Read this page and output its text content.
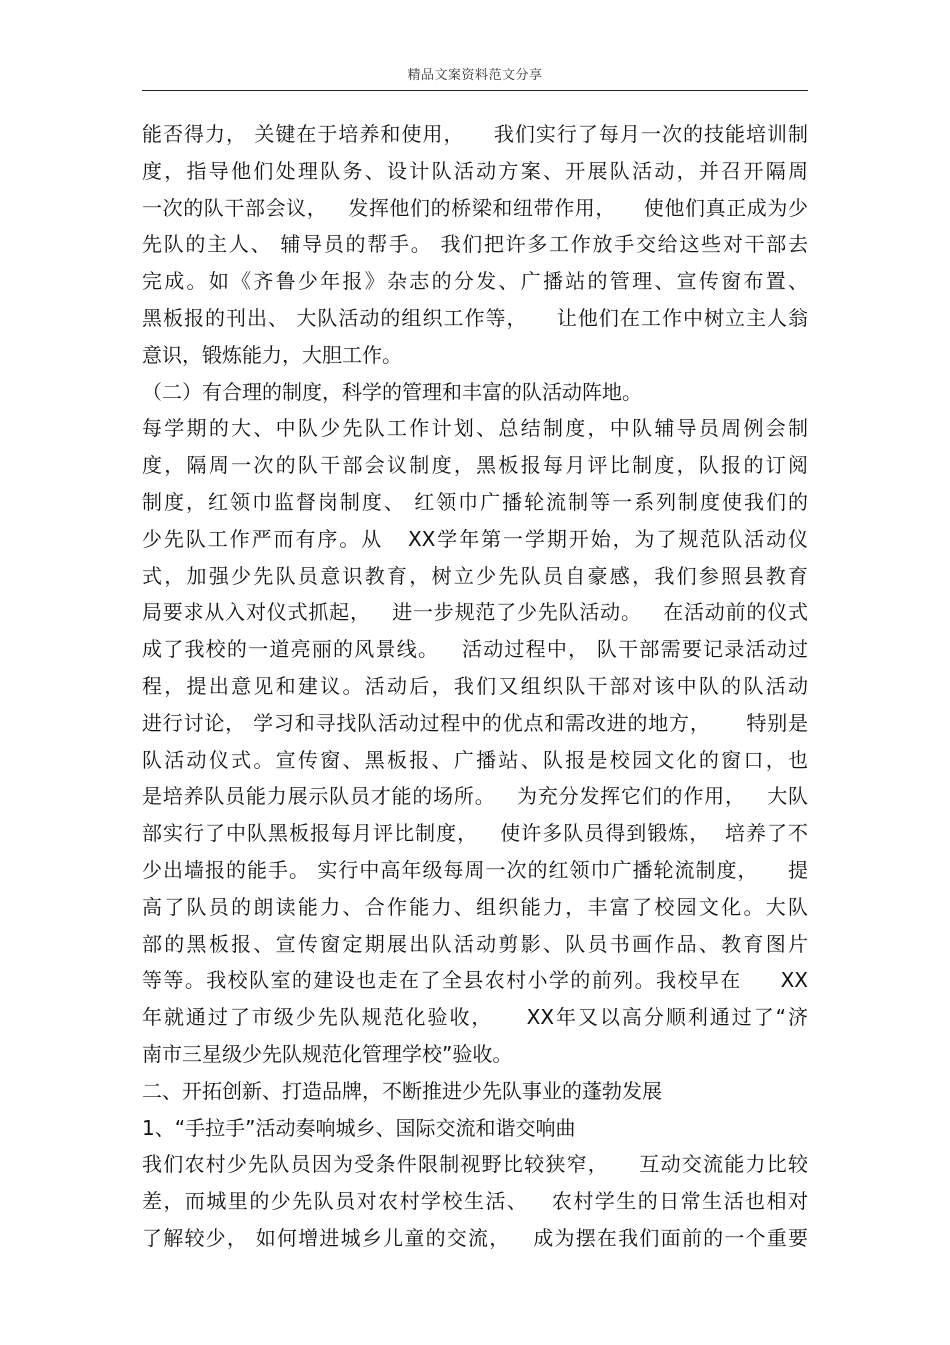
精品文案资料范文分享
能否得力， 关键在于培养和使用，    我们实行了每月一次的技能培训制
度，指导他们处理队务、设计队活动方案、开展队活动，并召开隔周
一次的队干部会议，   发挥他们的桥梁和纽带作用，    使他们真正成为少
先队的主人、 辅导员的帮手。 我们把许多工作放手交给这些对干部去
完成。如《齐鲁少年报》杂志的分发、广播站的管理、宣传窗布置、
黑板报的刊出、 大队活动的组织工作等，    让他们在工作中树立主人翁
意识，锻炼能力，大胆工作。
（二）有合理的制度，科学的管理和丰富的队活动阵地。
每学期的大、中队少先队工作计划、总结制度，中队辅导员周例会制
度，隔周一次的队干部会议制度，黑板报每月评比制度，队报的订阅
制度，红领巾监督岗制度、 红领巾广播轮流制等一系列制度使我们的
少先队工作严而有序。从   XX学年第一学期开始，为了规范队活动仪
式，加强少先队员意识教育，树立少先队员自豪感，我们参照县教育
局要求从入对仪式抓起，   进一步规范了少先队活动。   在活动前的仪式
成了我校的一道亮丽的风景线。   活动过程中， 队干部需要记录活动过
程，提出意见和建议。活动后，我们又组织队干部对该中队的队活动
进行讨论， 学习和寻找队活动过程中的优点和需改进的地方，     特别是
队活动仪式。宣传窗、黑板报、广播站、队报是校园文化的窗口，也
是培养队员能力展示队员才能的场所。   为充分发挥它们的作用，   大队
部实行了中队黑板报每月评比制度，   使许多队员得到锻炼，  培养了不
少出墙报的能手。 实行中高年级每周一次的红领巾广播轮流制度，    提
高了队员的朗读能力、合作能力、组织能力，丰富了校园文化。大队
部的黑板报、宣传窗定期展出队活动剪影、队员书画作品、教育图片
等等。我校队室的建设也走在了全县农村小学的前列。我校早在     XX
年就通过了市级少先队规范化验收，    XX年又以高分顺利通过了“济
南市三星级少先队规范化管理学校”验收。
二、开拓创新、打造品牌，不断推进少先队事业的蓬勃发展
1、“手拉手”活动奏响城乡、国际交流和谐交响曲
我们农村少先队员因为受条件限制视野比较狭窄，    互动交流能力比较
差，而城里的少先队员对农村学校生活、   农村学生的日常生活也相对
了解较少， 如何增进城乡儿童的交流，   成为摆在我们面前的一个重要
